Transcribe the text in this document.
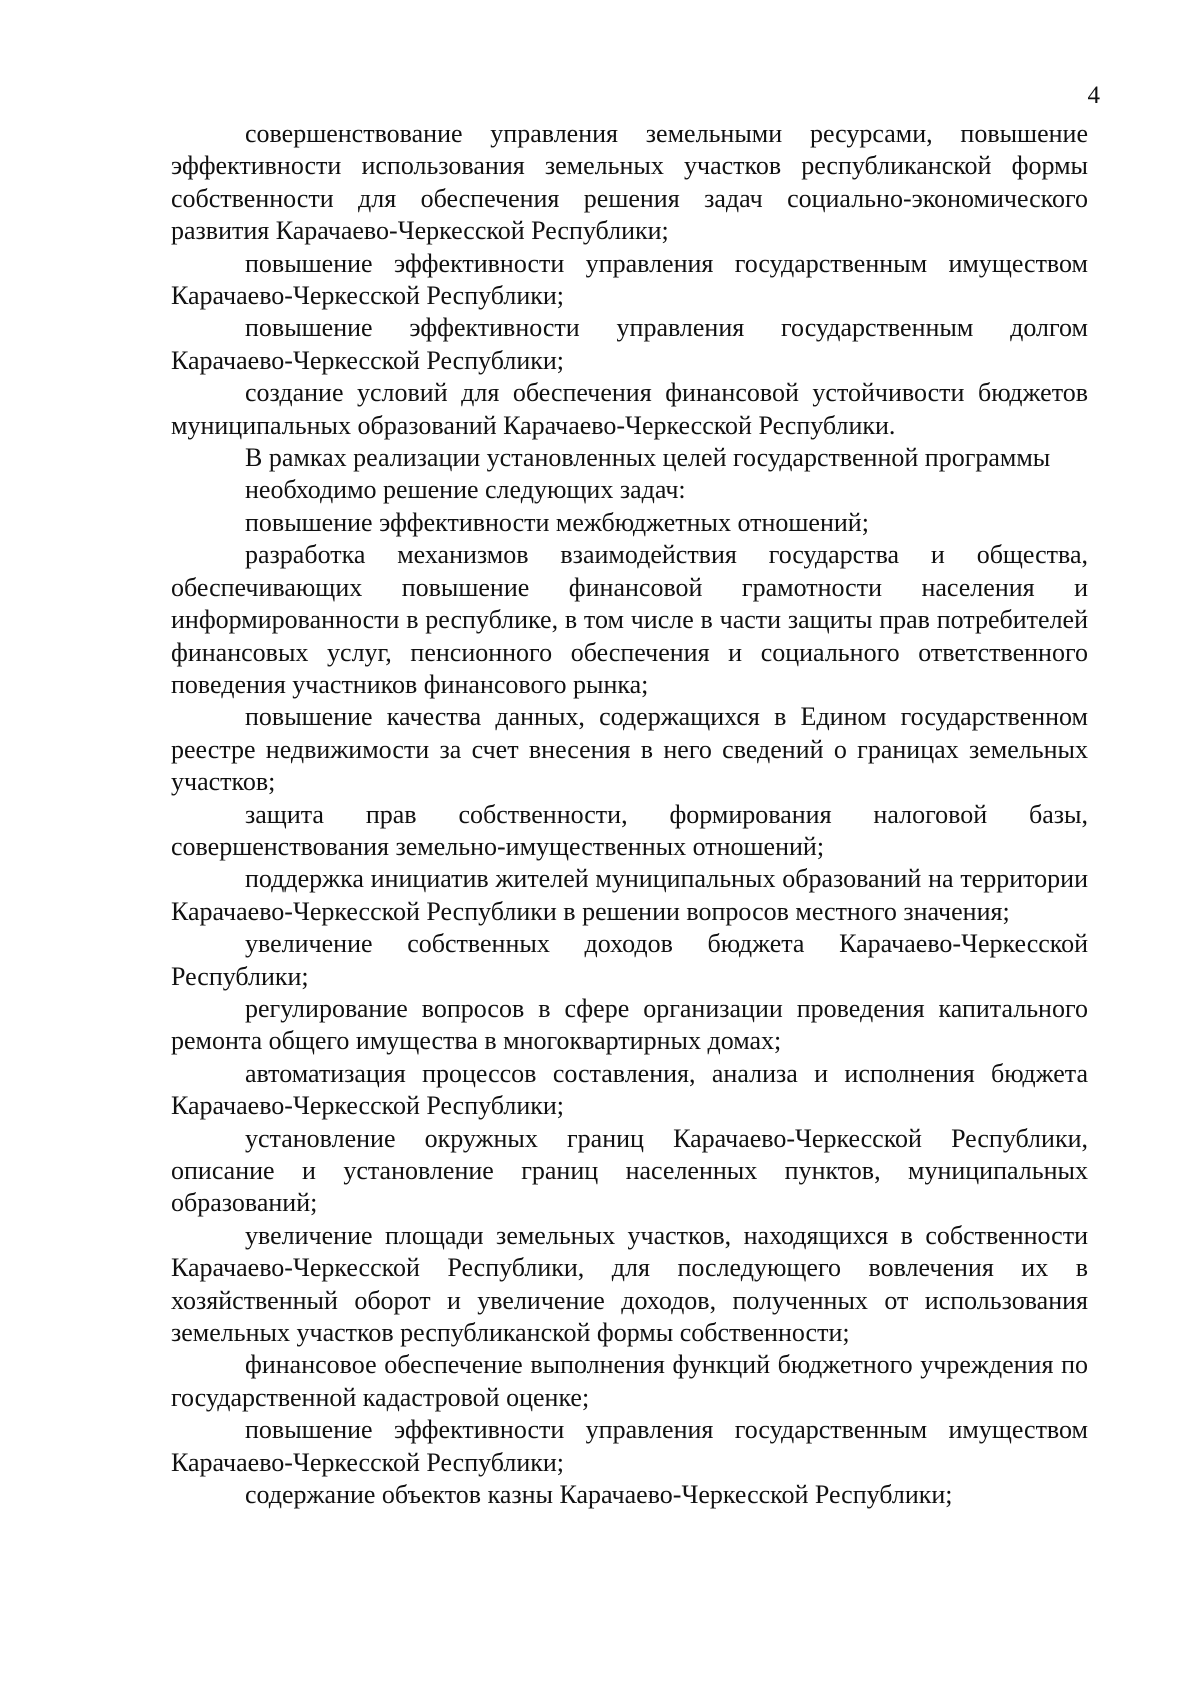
4

совершенствование управления земельными ресурсами, повышение эффективности использования земельных участков республиканской формы собственности для обеспечения решения задач социально-экономического развития Карачаево-Черкесской Республики;

повышение эффективности управления государственным имуществом Карачаево-Черкесской Республики;

повышение эффективности управления государственным долгом Карачаево-Черкесской Республики;

создание условий для обеспечения финансовой устойчивости бюджетов муниципальных образований Карачаево-Черкесской Республики.

В рамках реализации установленных целей государственной программы

необходимо решение следующих задач:

повышение эффективности межбюджетных отношений;

разработка механизмов взаимодействия государства и общества, обеспечивающих повышение финансовой грамотности населения и информированности в республике, в том числе в части защиты прав потребителей финансовых услуг, пенсионного обеспечения и социального ответственного поведения участников финансового рынка;

повышение качества данных, содержащихся в Едином государственном реестре недвижимости за счет внесения в него сведений о границах земельных участков;

защита прав собственности, формирования налоговой базы, совершенствования земельно-имущественных отношений;

поддержка инициатив жителей муниципальных образований на территории Карачаево-Черкесской Республики в решении вопросов местного значения;

увеличение собственных доходов бюджета Карачаево-Черкесской Республики;

регулирование вопросов в сфере организации проведения капитального ремонта общего имущества в многоквартирных домах;

автоматизация процессов составления, анализа и исполнения бюджета Карачаево-Черкесской Республики;

установление окружных границ Карачаево-Черкесской Республики, описание и установление границ населенных пунктов, муниципальных образований;

увеличение площади земельных участков, находящихся в собственности Карачаево-Черкесской Республики, для последующего вовлечения их в хозяйственный оборот и увеличение доходов, полученных от использования земельных участков республиканской формы собственности;

финансовое обеспечение выполнения функций бюджетного учреждения по государственной кадастровой оценке;

повышение эффективности управления государственным имуществом Карачаево-Черкесской Республики;

содержание объектов казны Карачаево-Черкесской Республики;
